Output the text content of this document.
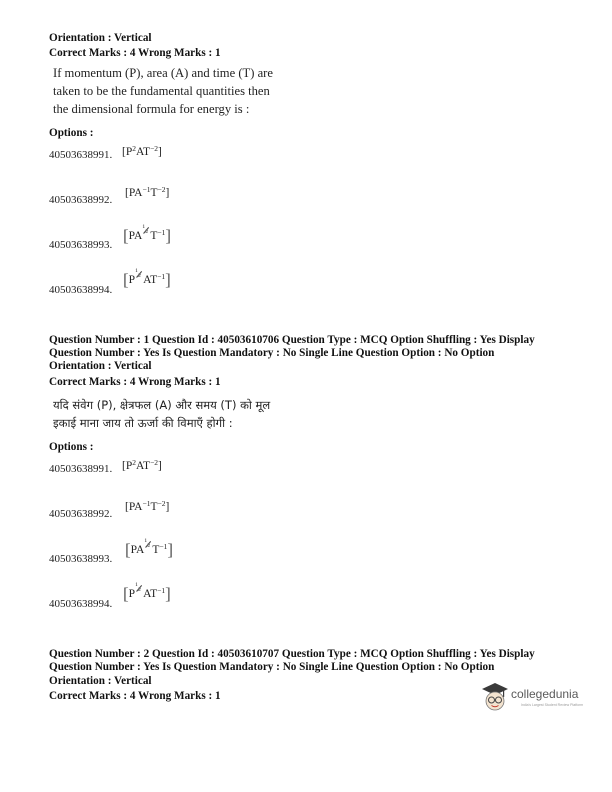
Orientation : Vertical
Correct Marks : 4 Wrong Marks : 1
If momentum (P), area (A) and time (T) are
taken to be the fundamental quantities then
the dimensional formula for energy is :
Options :
40503638991. $[P^2AT^{-2}]$
40503638992.
$[PA^{-1}T^{-2}]$
40503638993. [PA
1
2 $T^{-1}$]
40503638994.
[P
1
2 $AT^{-1}$]
Question Number : 1 Question Id : 40503610706 Question Type : MCQ Option Shuffling : Yes Display
Question Number : Yes Is Question Mandatory : No Single Line Question Option : No Option
Orientation : Vertical
Correct Marks : 4 Wrong Marks : 1
यदि संवेग (P), क्षेत्रफल (A) और समय (T) को मूल
इकाई माना जाय तो ऊर्जा की विमाएँ होगी :
Options :
40503638991. $[P^2AT^{-2}]$
40503638992.
$[PA^{-1}T^{-2}]$
40503638993. [PA
1
2 $T^{-1}$]
40503638994.
[P
1
2 $AT^{-1}$]
Question Number : 2 Question Id : 40503610707 Question Type : MCQ Option Shuffling : Yes Display
Question Number : Yes Is Question Mandatory : No Single Line Question Option : No Option
Orientation : Vertical
Correct Marks : 4 Wrong Marks : 1	collegedunia
India's Largest Student Review Platform
